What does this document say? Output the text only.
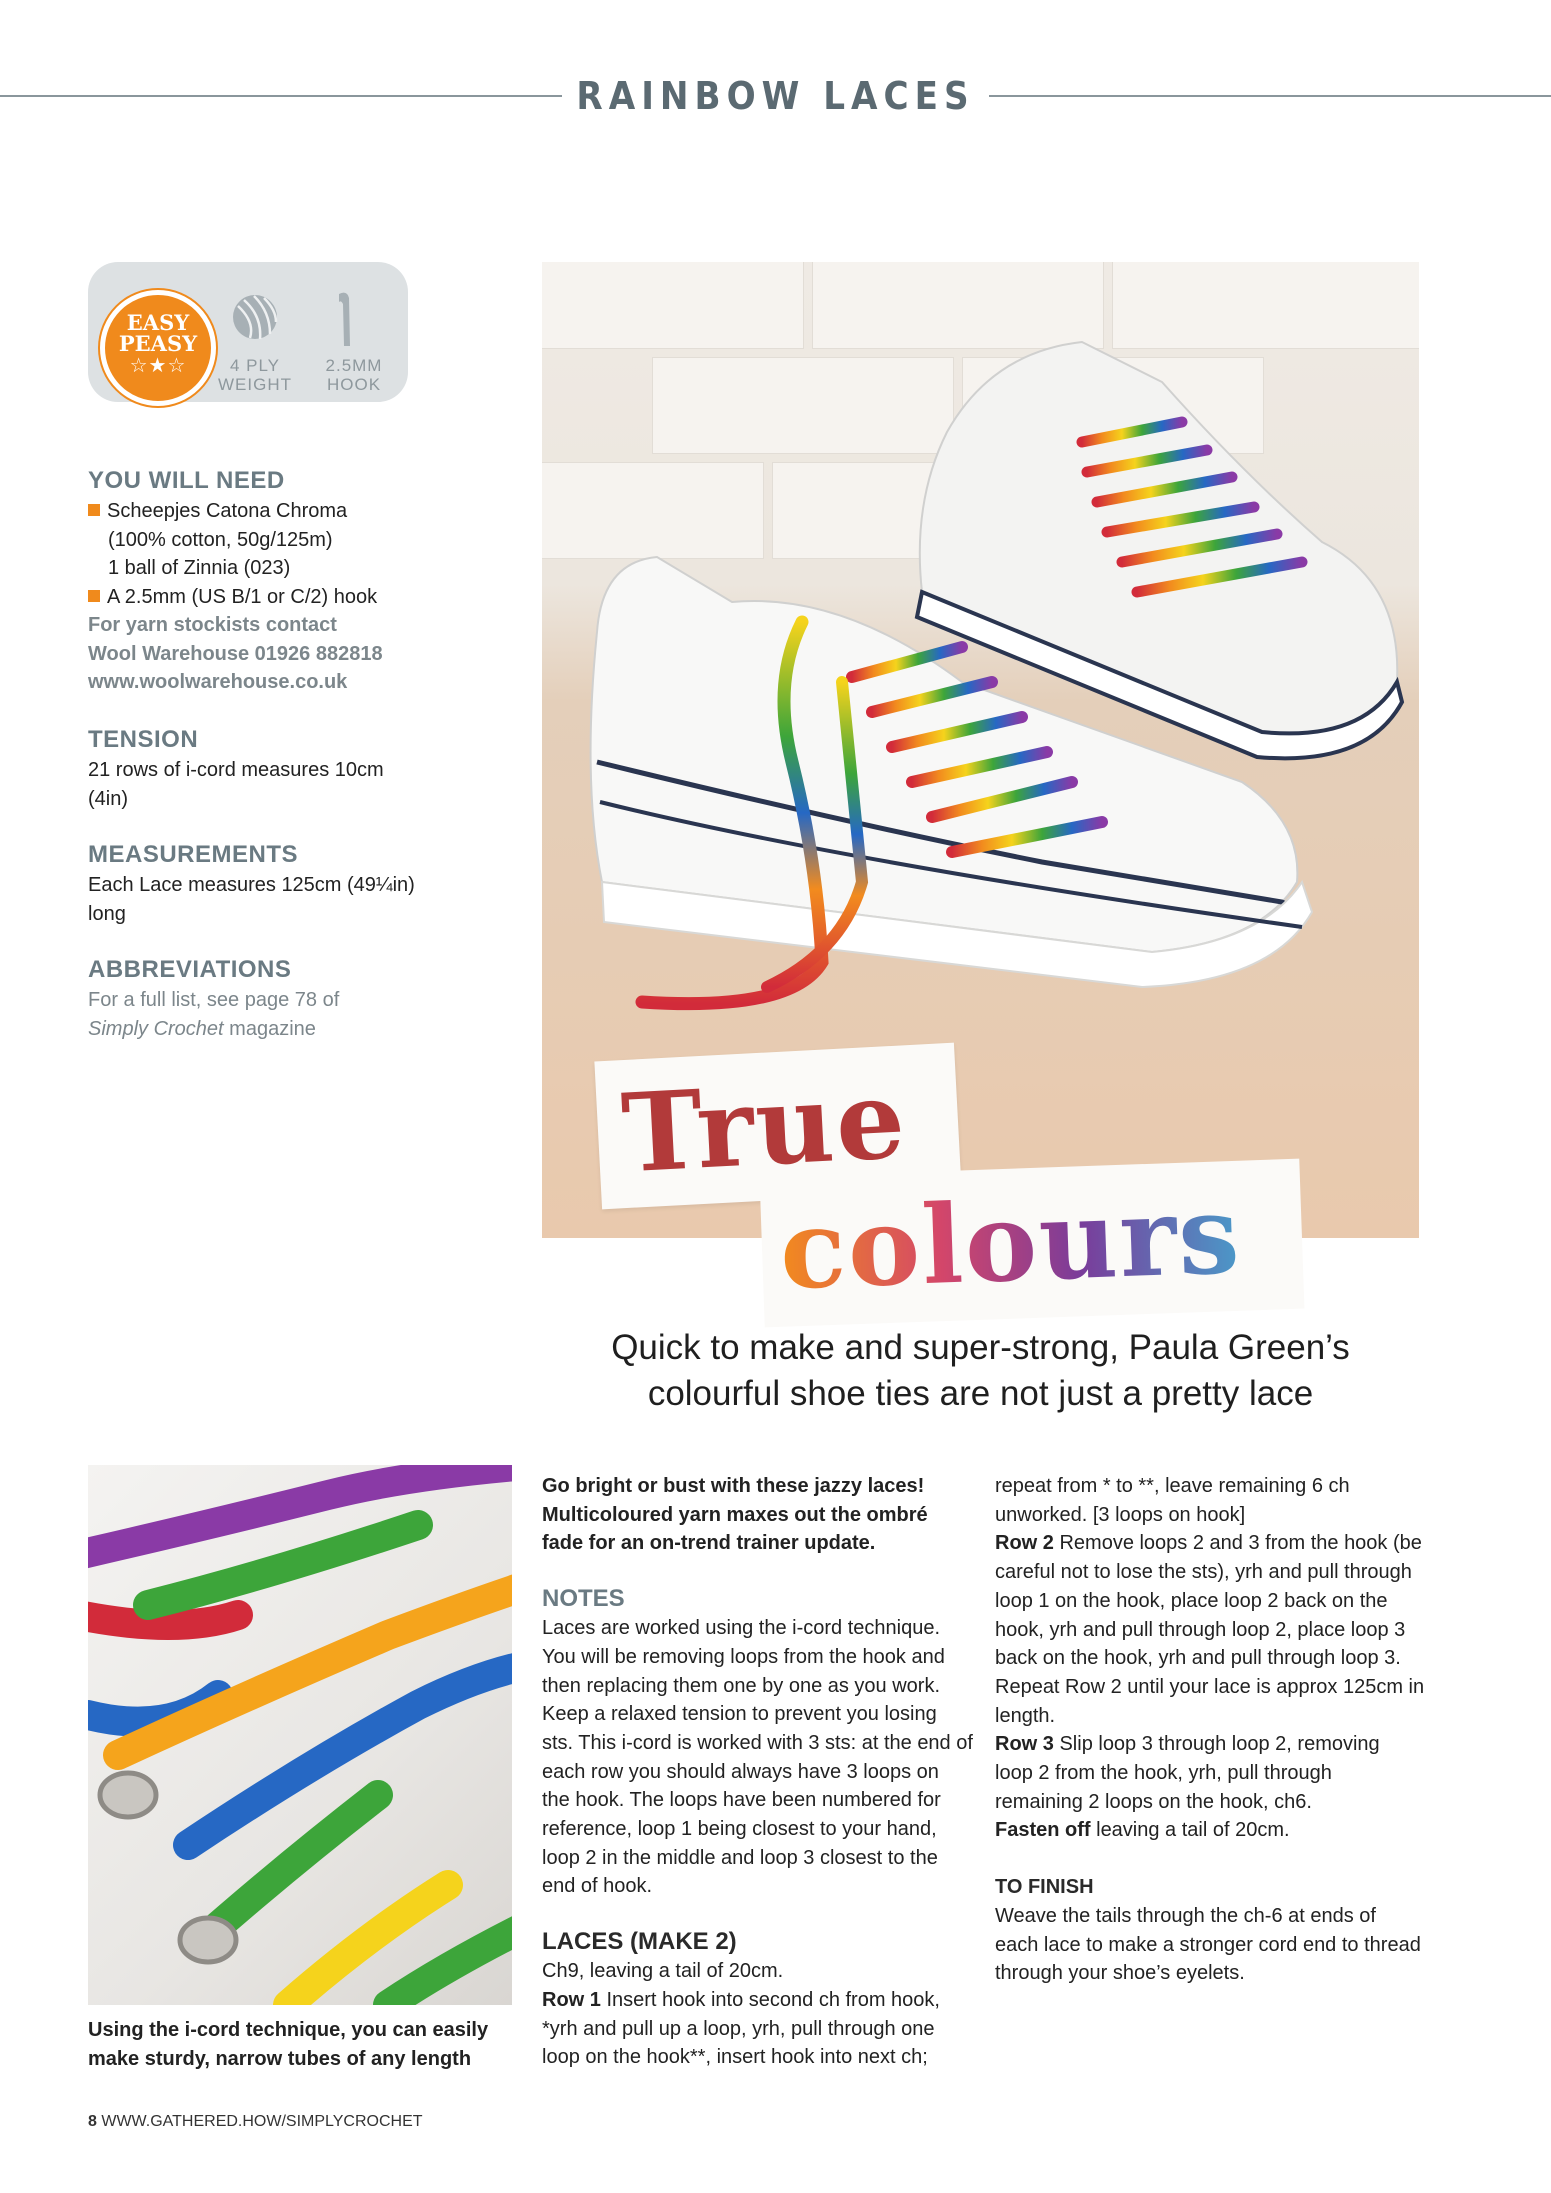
RAINBOW LACES
EASY
PEASY
☆★☆	4 PLY
WEIGHT
2.5MM
HOOK
YOU WILL NEED
Scheepjes Catona Chroma
(100% cotton, 50g/125m)
1 ball of Zinnia (023)
A 2.5mm (US B/1 or C/2) hook
For yarn stockists contact
Wool Warehouse 01926 882818
www.woolwarehouse.co.uk
TENSION
21 rows of i-cord measures 10cm
(4in)
MEASUREMENTS
Each Lace measures 125cm (49¼in)
long
ABBREVIATIONS
For a full list, see page 78 of
Simply Crochet magazine
True
colours
Quick to make and super-strong, Paula Green’s
colourful shoe ties are not just a pretty lace
Using the i-cord technique, you can easily
make sturdy, narrow tubes of any length

Go bright or bust with these jazzy laces!

Multicoloured yarn maxes out the ombré

fade for an on-trend trainer update.

NOTES

Laces are worked using the i-cord technique.

You will be removing loops from the hook and

then replacing them one by one as you work.

Keep a relaxed tension to prevent you losing

sts. This i-cord is worked with 3 sts: at the end of

each row you should always have 3 loops on

the hook. The loops have been numbered for

reference, loop 1 being closest to your hand,

loop 2 in the middle and loop 3 closest to the

end of hook.

LACES (MAKE 2)

Ch9, leaving a tail of 20cm.

Row 1 Insert hook into second ch from hook,

*yrh and pull up a loop, yrh, pull through one

loop on the hook**, insert hook into next ch;

repeat from * to **, leave remaining 6 ch

unworked. [3 loops on hook]

Row 2 Remove loops 2 and 3 from the hook (be

careful not to lose the sts), yrh and pull through

loop 1 on the hook, place loop 2 back on the

hook, yrh and pull through loop 2, place loop 3

back on the hook, yrh and pull through loop 3.

Repeat Row 2 until your lace is approx 125cm in

length.

Row 3 Slip loop 3 through loop 2, removing

loop 2 from the hook, yrh, pull through

remaining 2 loops on the hook, ch6.

Fasten off leaving a tail of 20cm.

TO FINISH

Weave the tails through the ch-6 at ends of

each lace to make a stronger cord end to thread

through your shoe’s eyelets.

8 WWW.GATHERED.HOW/SIMPLYCROCHET
